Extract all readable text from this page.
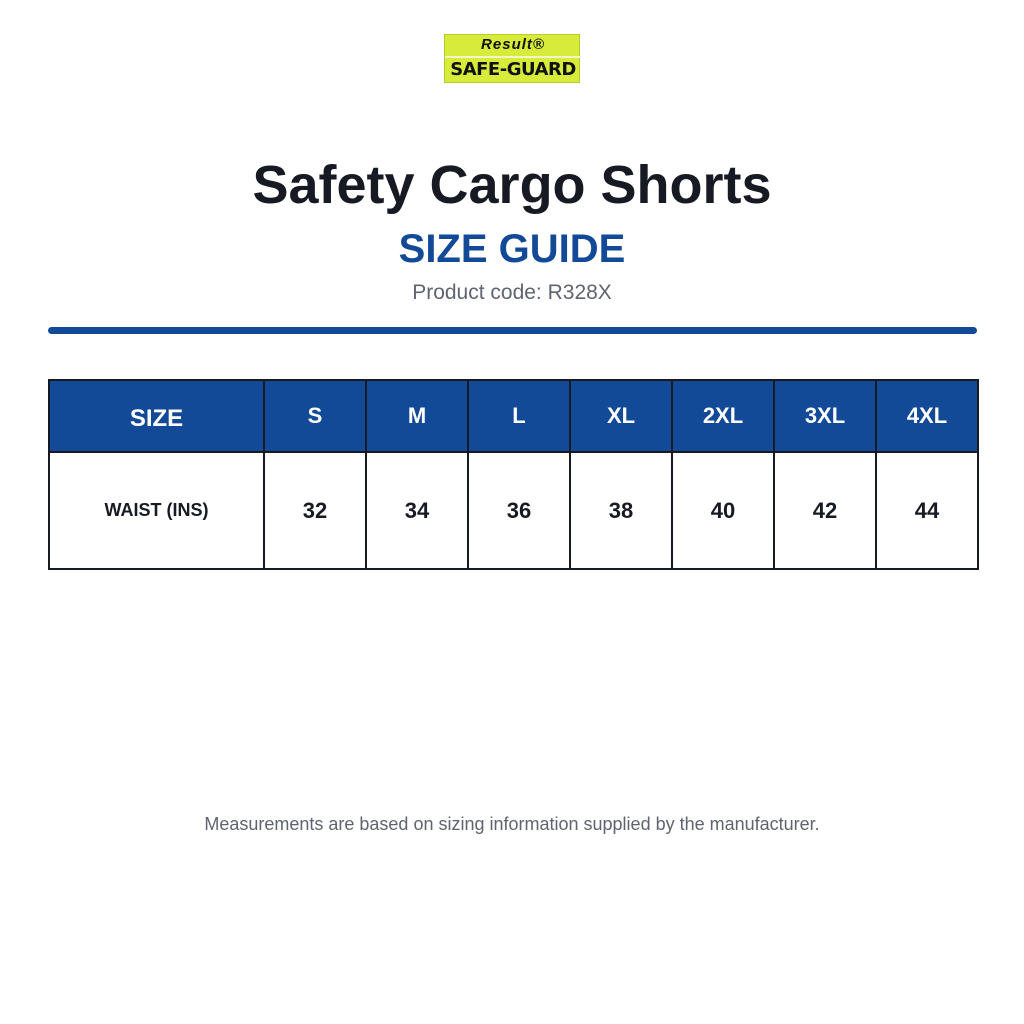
Result®
SAFE-GUARD
Safety Cargo Shorts
SIZE GUIDE
Product code: R328X
SIZE	S	M	L	XL	2XL	3XL	4XL
WAIST (INS)	32	34	36	38	40	42	44
Measurements are based on sizing information supplied by the manufacturer.
